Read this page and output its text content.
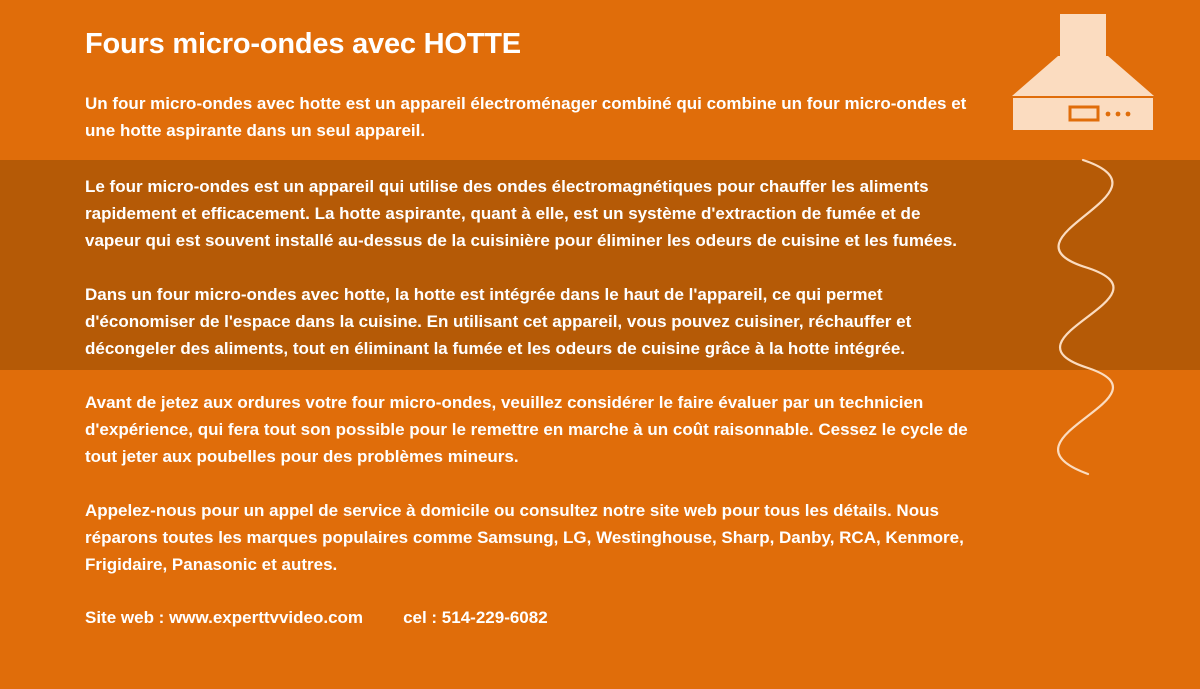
Fours micro-ondes avec HOTTE

Un four micro-ondes avec hotte est un appareil électroménager combiné qui combine un four micro-ondes et une hotte aspirante dans un seul appareil.

Le four micro-ondes est un appareil qui utilise des ondes électromagnétiques pour chauffer les aliments rapidement et efficacement. La hotte aspirante, quant à elle, est un système d'extraction de fumée et de vapeur qui est souvent installé au-dessus de la cuisinière pour éliminer les odeurs de cuisine et les fumées.

Dans un four micro-ondes avec hotte, la hotte est intégrée dans le haut de l'appareil, ce qui permet d'économiser de l'espace dans la cuisine. En utilisant cet appareil, vous pouvez cuisiner, réchauffer et décongeler des aliments, tout en éliminant la fumée et les odeurs de cuisine grâce à la hotte intégrée.

Avant de jetez aux ordures votre four micro-ondes, veuillez considérer le faire évaluer par un technicien d'expérience, qui fera tout son possible pour le remettre en marche à un coût raisonnable. Cessez le cycle de tout jeter aux poubelles pour des problèmes mineurs.

Appelez-nous pour un appel de service à domicile ou consultez notre site web pour tous les détails. Nous réparons toutes les marques populaires comme Samsung, LG, Westinghouse, Sharp, Danby, RCA, Kenmore, Frigidaire, Panasonic et autres.

Site web : www.experttvvideo.com cel : 514-229-6082
